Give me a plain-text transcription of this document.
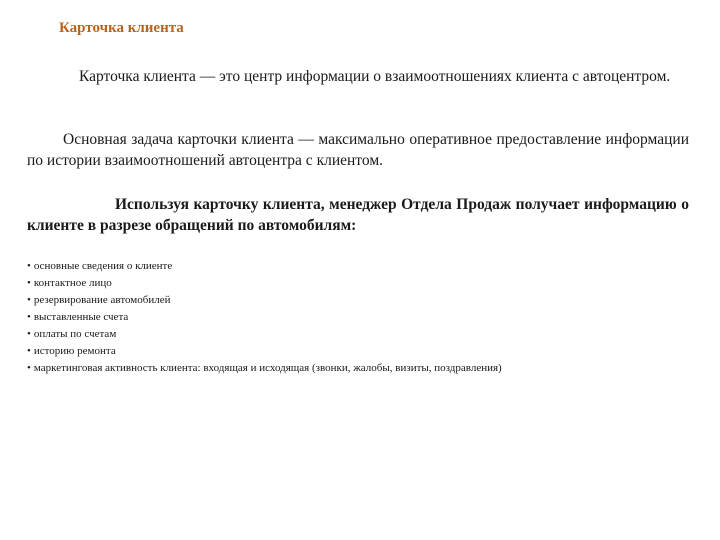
Карточка клиента

Карточка клиента — это центр информации о взаимоотношениях клиента с автоцентром.

Основная задача карточки клиента — максимально оперативное предоставление информации по истории взаимоотношений автоцентра с клиентом.

Используя карточку клиента, менеджер Отдела Продаж получает информацию о клиенте в разрезе обращений по автомобилям:

• основные сведения о клиенте
• контактное лицо
• резервирование автомобилей
• выставленные счета
• оплаты по счетам
• историю ремонта
• маркетинговая активность клиента: входящая и исходящая (звонки, жалобы, визиты, поздравления)
